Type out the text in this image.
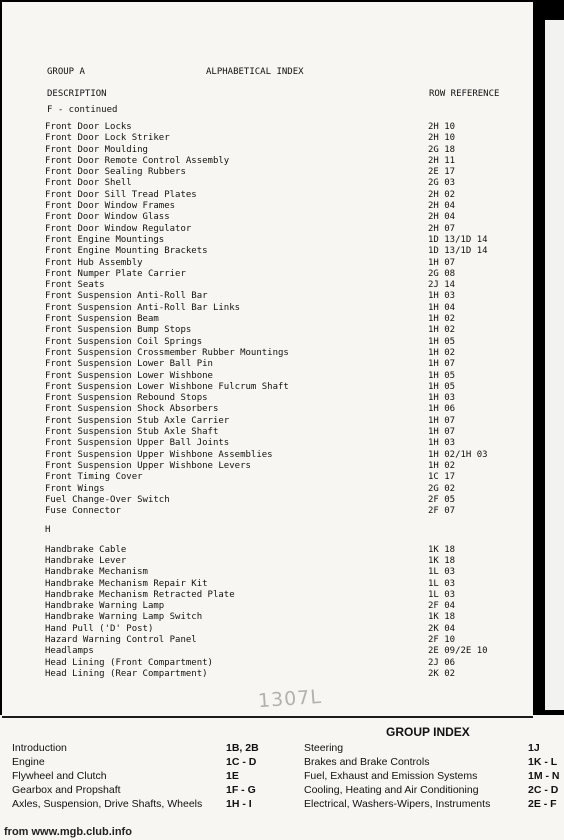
GROUP A	ALPHABETICAL INDEX
DESCRIPTION	ROW REFERENCE
F - continued
Front Door Locks	2H 10
Front Door Lock Striker	2H 10
Front Door Moulding	2G 18
Front Door Remote Control Assembly	2H 11
Front Door Sealing Rubbers	2E 17
Front Door Shell	2G 03
Front Door Sill Tread Plates	2H 02
Front Door Window Frames	2H 04
Front Door Window Glass	2H 04
Front Door Window Regulator	2H 07
Front Engine Mountings	1D 13/1D 14
Front Engine Mounting Brackets	1D 13/1D 14
Front Hub Assembly	1H 07
Front Numper Plate Carrier	2G 08
Front Seats	2J 14
Front Suspension Anti-Roll Bar	1H 03
Front Suspension Anti-Roll Bar Links	1H 04
Front Suspension Beam	1H 02
Front Suspension Bump Stops	1H 02
Front Suspension Coil Springs	1H 05
Front Suspension Crossmember Rubber Mountings	1H 02
Front Suspension Lower Ball Pin	1H 07
Front Suspension Lower Wishbone	1H 05
Front Suspension Lower Wishbone Fulcrum Shaft	1H 05
Front Suspension Rebound Stops	1H 03
Front Suspension Shock Absorbers	1H 06
Front Suspension Stub Axle Carrier	1H 07
Front Suspension Stub Axle Shaft	1H 07
Front Suspension Upper Ball Joints	1H 03
Front Suspension Upper Wishbone Assemblies	1H 02/1H 03
Front Suspension Upper Wishbone Levers	1H 02
Front Timing Cover	1C 17
Front Wings	2G 02
Fuel Change-Over Switch	2F 05
Fuse Connector	2F 07
H
Handbrake Cable	1K 18
Handbrake Lever	1K 18
Handbrake Mechanism	1L 03
Handbrake Mechanism Repair Kit	1L 03
Handbrake Mechanism Retracted Plate	1L 03
Handbrake Warning Lamp	2F 04
Handbrake Warning Lamp Switch	1K 18
Hand Pull ('D' Post)	2K 04
Hazard Warning Control Panel	2F 10
Headlamps	2E 09/2E 10
Head Lining (Front Compartment)	2J 06
Head Lining (Rear Compartment)	2K 02
1307L
GROUP INDEX
Introduction	1B, 2B
Engine	1C - D
Flywheel and Clutch	1E
Gearbox and Propshaft	1F - G
Axles, Suspension, Drive Shafts, Wheels	1H - I
Steering	1J
Brakes and Brake Controls	1K - L
Fuel, Exhaust and Emission Systems	1M - N
Cooling, Heating and Air Conditioning	2C - D
Electrical, Washers-Wipers, Instruments	2E - F
from www.mgb.club.info
